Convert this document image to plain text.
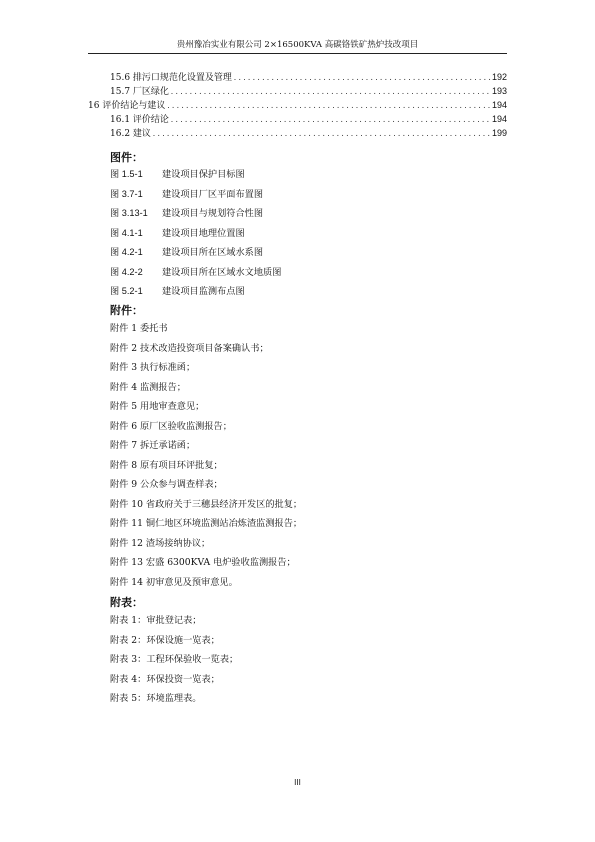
贵州豫冶实业有限公司 2×16500KVA 高碳铬铁矿热炉技改项目
15.6 排污口规范化设置及管理 .....	192
15.7 厂区绿化 .....	193
16 评价结论与建议 .....	194
16.1 评价结论 .....	194
16.2 建议 .....	199
图件：
图 1.5-1 建设项目保护目标图
图 3.7-1 建设项目厂区平面布置图
图 3.13-1 建设项目与规划符合性图
图 4.1-1 建设项目地理位置图
图 4.2-1 建设项目所在区域水系图
图 4.2-2 建设项目所在区域水文地质图
图 5.2-1 建设项目监测布点图
附件：
附件 1 委托书
附件 2 技术改造投资项目备案确认书；
附件 3 执行标准函；
附件 4 监测报告；
附件 5 用地审查意见；
附件 6 原厂区验收监测报告；
附件 7 拆迁承诺函；
附件 8 原有项目环评批复；
附件 9 公众参与调查样表；
附件 10 省政府关于三穗县经济开发区的批复；
附件 11 铜仁地区环境监测站冶炼渣监测报告；
附件 12 渣场接纳协议；
附件 13 宏盛 6300KVA 电炉验收监测报告；
附件 14 初审意见及预审意见。
附表：
附表 1：审批登记表；
附表 2：环保设施一览表；
附表 3：工程环保验收一览表；
附表 4：环保投资一览表；
附表 5：环境监理表。
III
